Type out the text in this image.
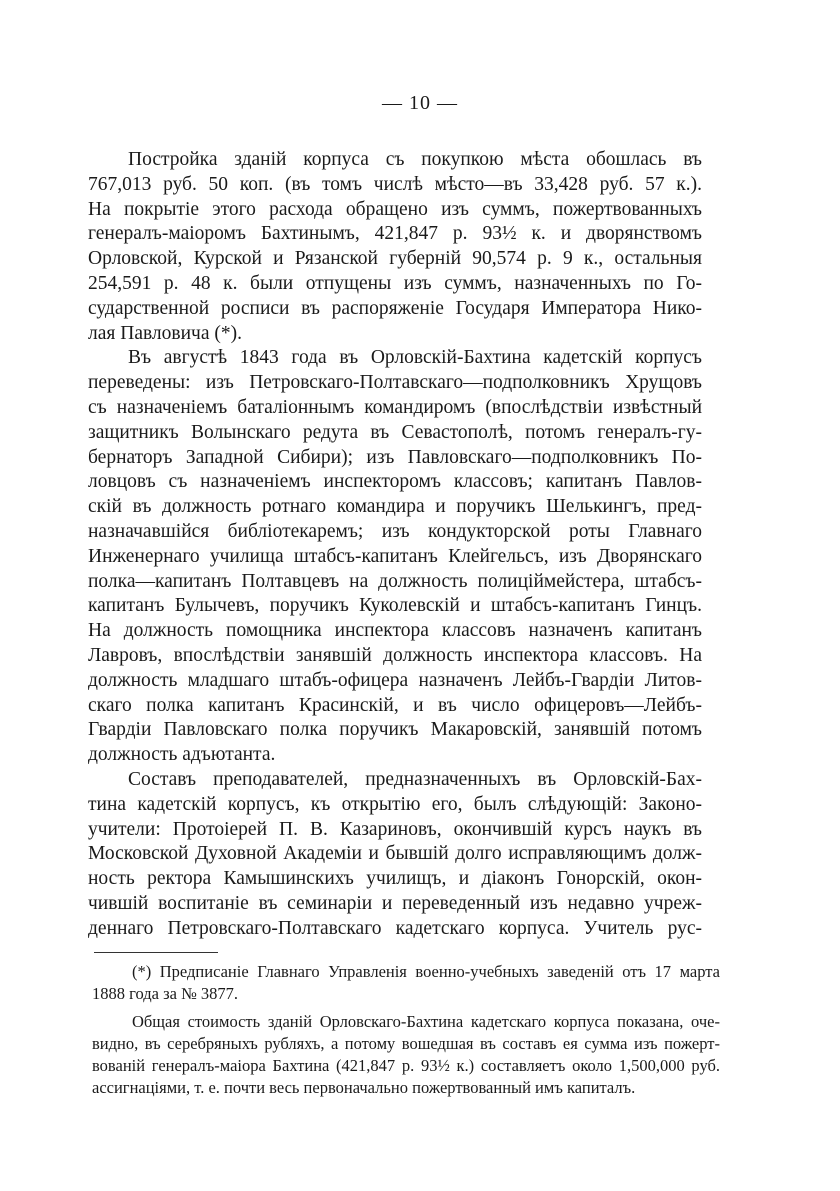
— 10 —
Постройка зданій корпуса съ покупкою мѣста обошлась въ
767,013 руб. 50 коп. (въ томъ числѣ мѣсто—въ 33,428 руб. 57 к.).
На покрытіе этого расхода обращено изъ суммъ, пожертвованныхъ
генералъ-маіоромъ Бахтинымъ, 421,847 р. 93½ к. и дворянствомъ
Орловской, Курской и Рязанской губерній 90,574 р. 9 к., остальныя
254,591 р. 48 к. были отпущены изъ суммъ, назначенныхъ по Го-
сударственной росписи въ распоряженіе Государя Императора Нико-
лая Павловича (*).
Въ августѣ 1843 года въ Орловскій-Бахтина кадетскій корпусъ
переведены: изъ Петровскаго-Полтавскаго—подполковникъ Хрущовъ
съ назначеніемъ баталіоннымъ командиромъ (впослѣдствіи извѣстный
защитникъ Волынскаго редута въ Севастополѣ, потомъ генералъ-гу-
бернаторъ Западной Сибири); изъ Павловскаго—подполковникъ По-
ловцовъ съ назначеніемъ инспекторомъ классовъ; капитанъ Павлов-
скій въ должность ротнаго командира и поручикъ Шелькингъ, пред-
назначавшійся библіотекаремъ; изъ кондукторской роты Главнаго
Инженернаго училища штабсъ-капитанъ Клейгельсъ, изъ Дворянскаго
полка—капитанъ Полтавцевъ на должность полиціймейстера, штабсъ-
капитанъ Булычевъ, поручикъ Куколевскій и штабсъ-капитанъ Гинцъ.
На должность помощника инспектора классовъ назначенъ капитанъ
Лавровъ, впослѣдствіи занявшій должность инспектора классовъ. На
должность младшаго штабъ-офицера назначенъ Лейбъ-Гвардіи Литов-
скаго полка капитанъ Красинскій, и въ число офицеровъ—Лейбъ-
Гвардіи Павловскаго полка поручикъ Макаровскій, занявшій потомъ
должность адъютанта.
Составъ преподавателей, предназначенныхъ въ Орловскій-Бах-
тина кадетскій корпусъ, къ открытію его, былъ слѣдующій: Законо-
учители: Протоіерей П. В. Казариновъ, окончившій курсъ наукъ въ
Московской Духовной Академіи и бывшій долго исправляющимъ долж-
ность ректора Камышинскихъ училищъ, и діаконъ Гонорскій, окон-
чившій воспитаніе въ семинаріи и переведенный изъ недавно учреж-
деннаго Петровскаго-Полтавскаго кадетскаго корпуса. Учитель рус-
(*) Предписаніе Главнаго Управленія военно-учебныхъ заведеній отъ 17 марта
1888 года за № 3877.
Общая стоимость зданій Орловскаго-Бахтина кадетскаго корпуса показана, оче-
видно, въ серебряныхъ рубляхъ, а потому вошедшая въ составъ ея сумма изъ пожерт-
вованій генералъ-маіора Бахтина (421,847 р. 93½ к.) составляетъ около 1,500,000 руб.
ассигнаціями, т. е. почти весь первоначально пожертвованный имъ капиталъ.
